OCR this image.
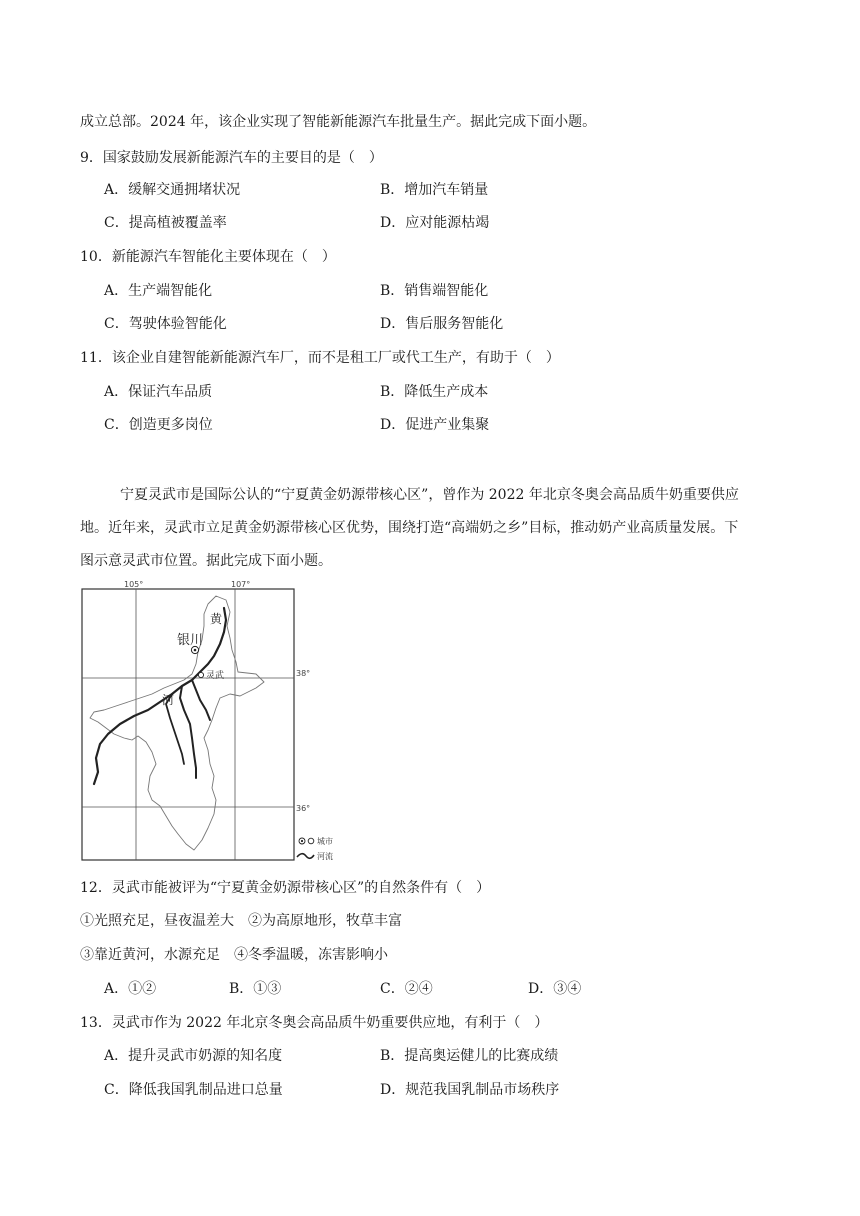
成立总部。2024 年，该企业实现了智能新能源汽车批量生产。据此完成下面小题。
9．国家鼓励发展新能源汽车的主要目的是（　）
A．缓解交通拥堵状况	B．增加汽车销量
C．提高植被覆盖率	D．应对能源枯竭
10．新能源汽车智能化主要体现在（　）
A．生产端智能化	B．销售端智能化
C．驾驶体验智能化	D．售后服务智能化
11．该企业自建智能新能源汽车厂，而不是租工厂或代工生产，有助于（　）
A．保证汽车品质	B．降低生产成本
C．创造更多岗位	D．促进产业集聚
宁夏灵武市是国际公认的“宁夏黄金奶源带核心区”，曾作为 2022 年北京冬奥会高品质牛奶重要供应
地。近年来，灵武市立足黄金奶源带核心区优势，围绕打造“高端奶之乡”目标，推动奶产业高质量发展。下
图示意灵武市位置。据此完成下面小题。
105°	107°
38°
36°
银川
灵武
黄
河
城市
河流
12．灵武市能被评为“宁夏黄金奶源带核心区”的自然条件有（　）
①光照充足，昼夜温差大　②为高原地形，牧草丰富
③靠近黄河，水源充足　④冬季温暖，冻害影响小
A．①②	B．①③	C．②④	D．③④
13．灵武市作为 2022 年北京冬奥会高品质牛奶重要供应地，有利于（　）
A．提升灵武市奶源的知名度	B．提高奥运健儿的比赛成绩
C．降低我国乳制品进口总量	D．规范我国乳制品市场秩序
